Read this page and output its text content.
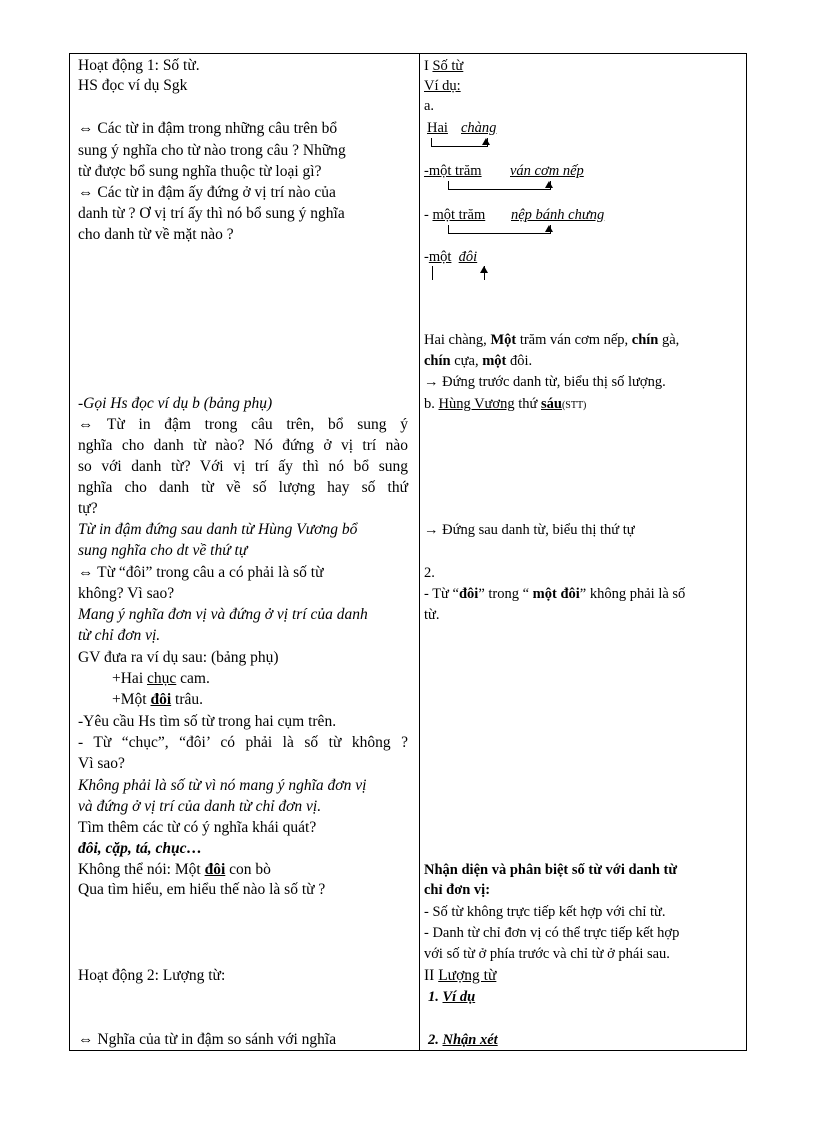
Hoạt động 1: Số từ.
HS đọc ví dụ Sgk
⇔ Các từ in đậm trong những câu trên bổ
sung ý nghĩa cho từ nào trong câu ? Những
từ được bổ sung nghĩa thuộc từ loại gì?
⇔ Các từ in đậm ấy đứng ở vị trí nào của
danh từ ? Ơ vị trí ấy thì nó bổ sung ý nghĩa
cho danh từ về mặt nào ?
-Gọi Hs đọc ví dụ b (bảng phụ)
⇔ Từ in đậm trong câu trên, bổ sung ý
nghĩa cho danh từ nào? Nó đứng ở vị trí nào
so với danh từ? Với vị trí ấy thì nó bổ sung
nghĩa cho danh từ về số lượng hay số thứ
tự?
Từ in đậm đứng sau danh từ Hùng Vương bổ
sung nghĩa cho dt về thứ tự
⇔ Từ “đôi” trong câu a có phải là số từ
không? Vì sao?
Mang ý nghĩa đơn vị và đứng ở vị trí của danh
từ chỉ đơn vị.
GV đưa ra ví dụ sau: (bảng phụ)
+Hai chục cam.
+Một đôi trâu.
-Yêu cầu Hs tìm số từ trong hai cụm trên.
- Từ “chục”, “đôi’ có phải là số từ không ?
Vì sao?
Không phải là số từ vì nó mang ý nghĩa đơn vị
và đứng ở vị trí của danh từ chỉ đơn vị.
Tìm thêm các từ có ý nghĩa khái quát?
đôi, cặp, tá, chục…
Không thể nói: Một đôi con bò
Qua tìm hiểu, em hiểu thế nào là số từ ?
Hoạt động 2: Lượng từ:
⇔ Nghĩa của từ in đậm so sánh với nghĩa
I Số từ
Ví dụ:
a.
Hai chàng
-một trăm ván cơm nếp
- một trăm nệp bánh chưng
-một đôi
Hai chàng, Một trăm ván cơm nếp, chín gà,
chín cựa, một đôi.
→ Đứng trước danh từ, biểu thị số lượng.
b. Hùng Vương thứ sáu(STT)
→ Đứng sau danh từ, biểu thị thứ tự
2.
- Từ “đôi” trong “ một đôi” không phải là số
từ.
Nhận diện và phân biệt số từ với danh từ
chỉ đơn vị:
- Số từ không trực tiếp kết hợp với chỉ từ.
- Danh từ chỉ đơn vị có thể trực tiếp kết hợp
với số từ ở phía trước và chỉ từ ở phái sau.
II Lượng từ
1. Ví dụ
2. Nhận xét
